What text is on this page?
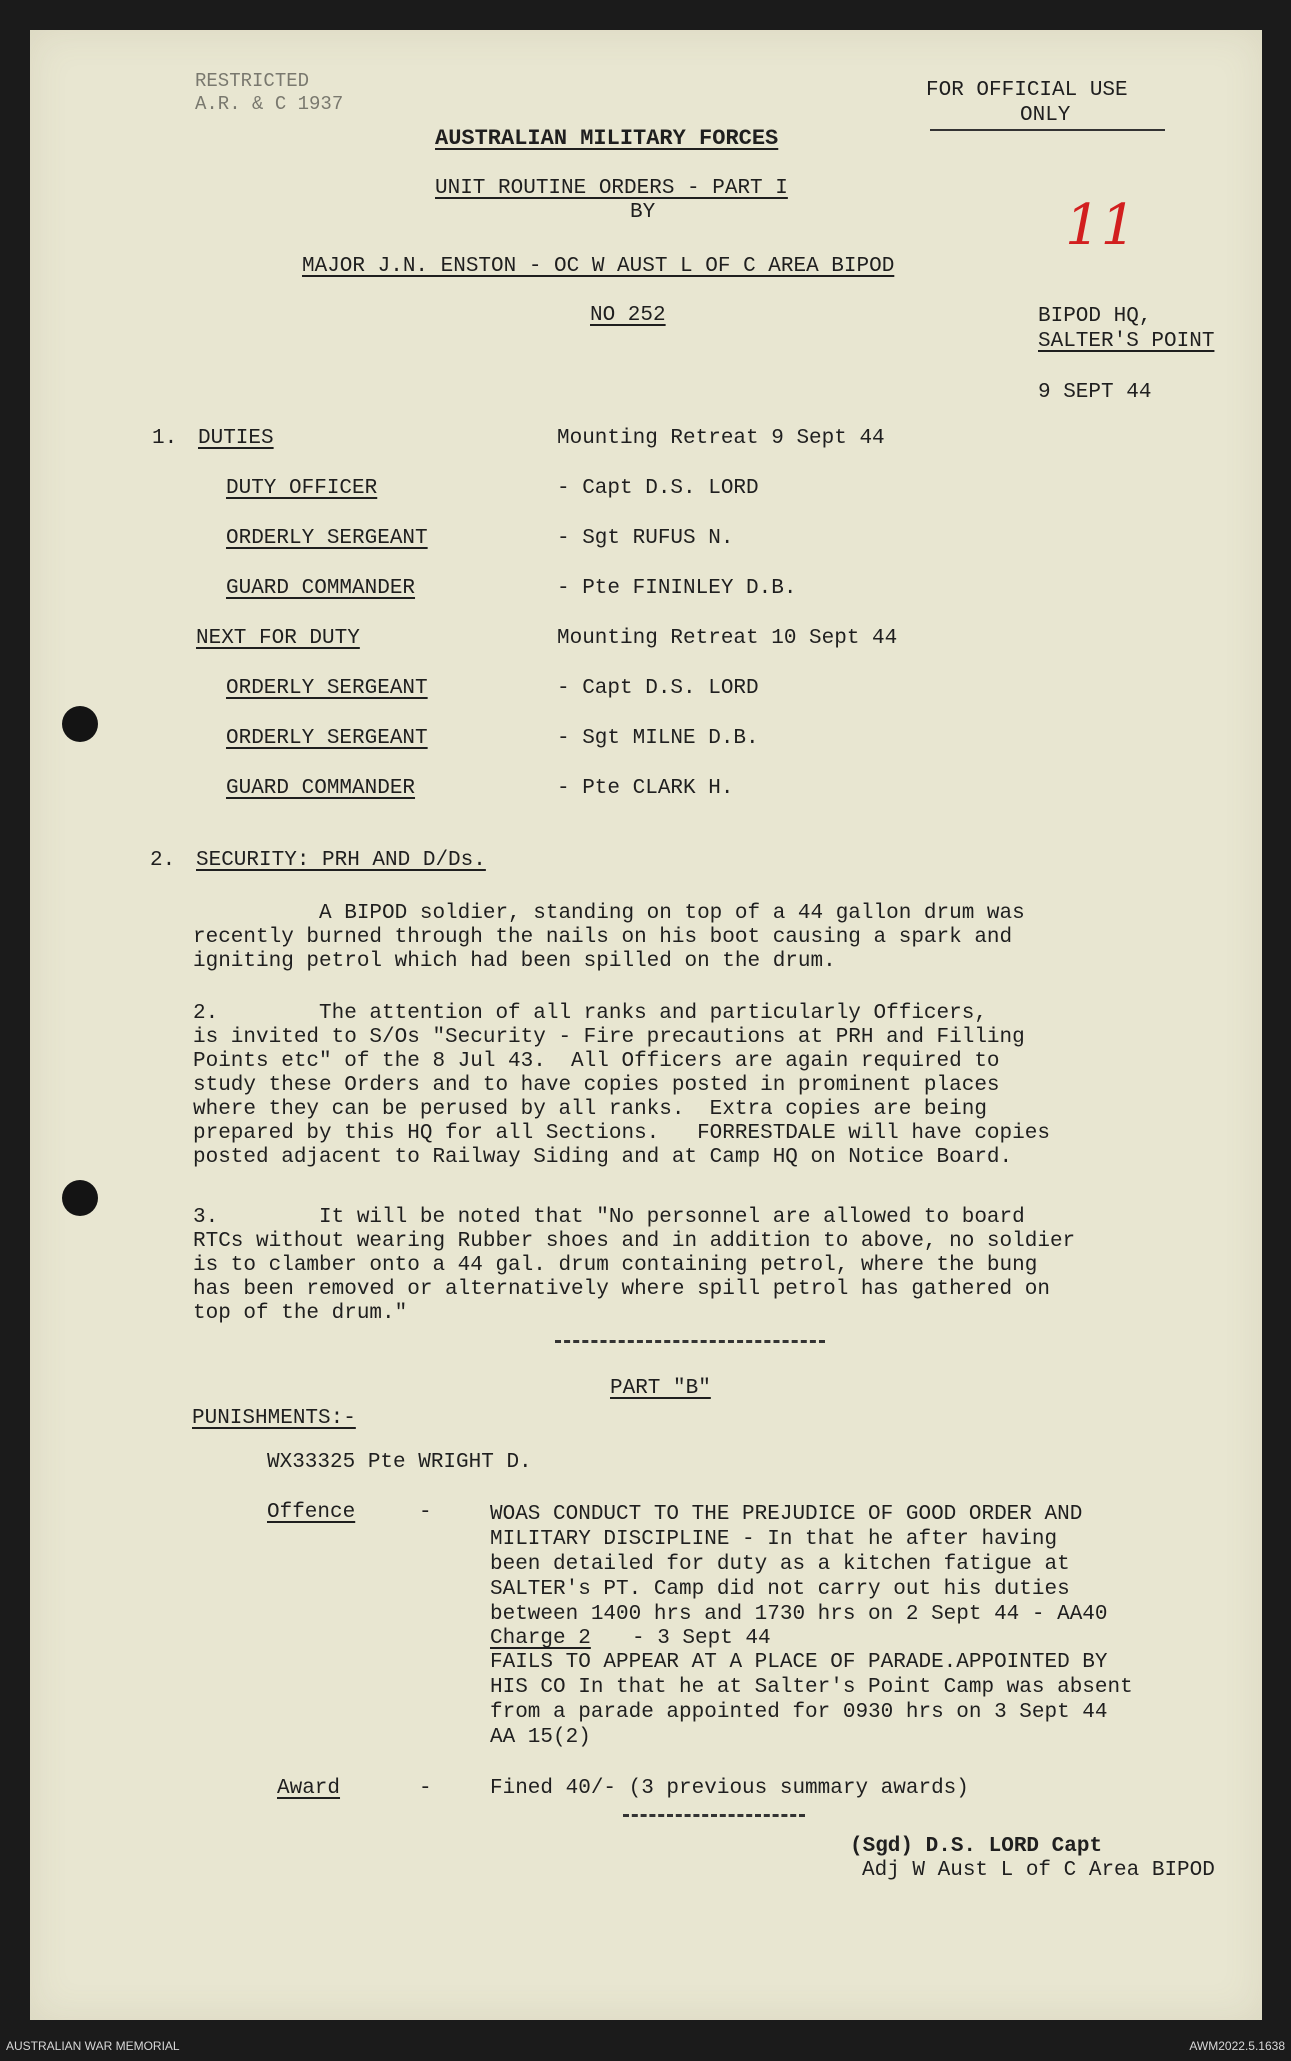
RESTRICTED
A.R. & C 1937
FOR OFFICIAL USE
ONLY
AUSTRALIAN MILITARY FORCES
UNIT ROUTINE ORDERS - PART I
BY
MAJOR J.N. ENSTON - OC W AUST L OF C AREA BIPOD
NO 252
11
BIPOD HQ,
SALTER'S POINT
9 SEPT 44
1. DUTIES	Mounting Retreat 9 Sept 44
DUTY OFFICER	- Capt D.S. LORD
ORDERLY SERGEANT	- Sgt RUFUS N.
GUARD COMMANDER	- Pte FININLEY D.B.
NEXT FOR DUTY	Mounting Retreat 10 Sept 44
ORDERLY SERGEANT	- Capt D.S. LORD
ORDERLY SERGEANT	- Sgt MILNE D.B.
GUARD COMMANDER	- Pte CLARK H.
2. SECURITY: PRH AND D/Ds.
A BIPOD soldier, standing on top of a 44 gallon drum was
recently burned through the nails on his boot causing a spark and
igniting petrol which had been spilled on the drum.
2.        The attention of all ranks and particularly Officers,
is invited to S/Os "Security - Fire precautions at PRH and Filling
Points etc" of the 8 Jul 43.  All Officers are again required to
study these Orders and to have copies posted in prominent places
where they can be perused by all ranks.  Extra copies are being
prepared by this HQ for all Sections.   FORRESTDALE will have copies
posted adjacent to Railway Siding and at Camp HQ on Notice Board.
3.        It will be noted that "No personnel are allowed to board
RTCs without wearing Rubber shoes and in addition to above, no soldier
is to clamber onto a 44 gal. drum containing petrol, where the bung
has been removed or alternatively where spill petrol has gathered on
top of the drum."
PART "B"
PUNISHMENTS:-
WX33325 Pte WRIGHT D.
Offence	-	WOAS CONDUCT TO THE PREJUDICE OF GOOD ORDER AND
MILITARY DISCIPLINE - In that he after having
been detailed for duty as a kitchen fatigue at
SALTER's PT. Camp did not carry out his duties
between 1400 hrs and 1730 hrs on 2 Sept 44 - AA40
Charge 2 - 3 Sept 44
FAILS TO APPEAR AT A PLACE OF PARADE.APPOINTED BY
HIS CO In that he at Salter's Point Camp was absent
from a parade appointed for 0930 hrs on 3 Sept 44
AA 15(2)
Award	-	Fined 40/- (3 previous summary awards)
(Sgd) D.S. LORD Capt
Adj W Aust L of C Area BIPOD
AUSTRALIAN WAR MEMORIAL	AWM2022.5.1638
